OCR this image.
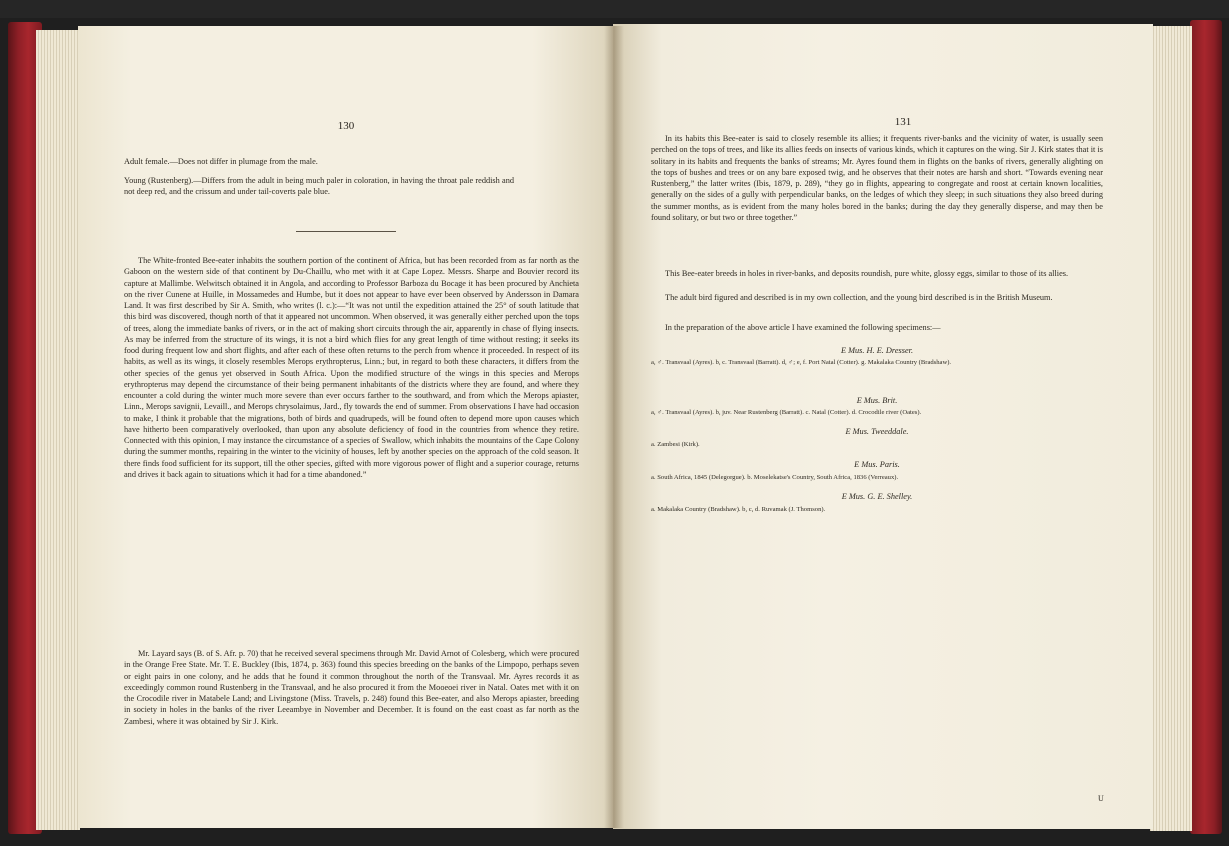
130
Adult female.—Does not differ in plumage from the male.
Young (Rustenberg).—Differs from the adult in being much paler in coloration, in having the throat pale reddish and not deep red, and the crissum and under tail-coverts pale blue.
The White-fronted Bee-eater inhabits the southern portion of the continent of Africa, but has been recorded from as far north as the Gaboon on the western side of that continent by Du-Chaillu, who met with it at Cape Lopez. Messrs. Sharpe and Bouvier record its capture at Mallimbe. Welwitsch obtained it in Angola, and according to Professor Barboza du Bocage it has been procured by Anchieta on the river Cunene at Huille, in Mossamedes and Humbe, but it does not appear to have ever been observed by Andersson in Damara Land. It was first described by Sir A. Smith, who writes (l. c.):—“It was not until the expedition attained the 25° of south latitude that this bird was discovered, though north of that it appeared not uncommon. When observed, it was generally either perched upon the tops of trees, along the immediate banks of rivers, or in the act of making short circuits through the air, apparently in chase of flying insects. As may be inferred from the structure of its wings, it is not a bird which flies for any great length of time without resting; it seeks its food during frequent low and short flights, and after each of these often returns to the perch from whence it proceeded. In respect of its habits, as well as its wings, it closely resembles Merops erythropterus, Linn.; but, in regard to both these characters, it differs from the other species of the genus yet observed in South Africa. Upon the modified structure of the wings in this species and Merops erythropterus may depend the circumstance of their being permanent inhabitants of the districts where they are found, and where they encounter a cold during the winter much more severe than ever occurs farther to the southward, and from which the Merops apiaster, Linn., Merops savignii, Levaill., and Merops chrysolaimus, Jard., fly towards the end of summer. From observations I have had occasion to make, I think it probable that the migrations, both of birds and quadrupeds, will be found often to depend more upon causes which have hitherto been comparatively overlooked, than upon any absolute deficiency of food in the countries from whence they retire. Connected with this opinion, I may instance the circumstance of a species of Swallow, which inhabits the mountains of the Cape Colony during the summer months, repairing in the winter to the vicinity of houses, left by another species on the approach of the cold season. It there finds food sufficient for its support, till the other species, gifted with more vigorous power of flight and a superior courage, returns and drives it back again to situations which it had for a time abandoned.”
Mr. Layard says (B. of S. Afr. p. 70) that he received several specimens through Mr. David Arnot of Colesberg, which were procured in the Orange Free State. Mr. T. E. Buckley (Ibis, 1874, p. 363) found this species breeding on the banks of the Limpopo, perhaps seven or eight pairs in one colony, and he adds that he found it common throughout the north of the Transvaal. Mr. Ayres records it as exceedingly common round Rustenberg in the Transvaal, and he also procured it from the Mooeoei river in Natal. Oates met with it on the Crocodile river in Matabele Land; and Livingstone (Miss. Travels, p. 248) found this Bee-eater, and also Merops apiaster, breeding in society in holes in the banks of the river Leeambye in November and December. It is found on the east coast as far north as the Zambesi, where it was obtained by Sir J. Kirk.
131
In its habits this Bee-eater is said to closely resemble its allies; it frequents river-banks and the vicinity of water, is usually seen perched on the tops of trees, and like its allies feeds on insects of various kinds, which it captures on the wing. Sir J. Kirk states that it is solitary in its habits and frequents the banks of streams; Mr. Ayres found them in flights on the banks of rivers, generally alighting on the tops of bushes and trees or on any bare exposed twig, and he observes that their notes are harsh and short. “Towards evening near Rustenberg,” the latter writes (Ibis, 1879, p. 289), “they go in flights, appearing to congregate and roost at certain known localities, generally on the sides of a gully with perpendicular banks, on the ledges of which they sleep; in such situations they also breed during the summer months, as is evident from the many holes bored in the banks; during the day they generally disperse, and may then be found solitary, or but two or three together.”
This Bee-eater breeds in holes in river-banks, and deposits roundish, pure white, glossy eggs, similar to those of its allies.
The adult bird figured and described is in my own collection, and the young bird described is in the British Museum.
In the preparation of the above article I have examined the following specimens:—
E Mus. H. E. Dresser.
a, ♂. Transvaal (Ayres). b, c. Transvaal (Barratt). d, ♂; e, f. Port Natal (Cotter). g. Makalaka Country (Bradshaw).
E Mus. Brit.
a, ♂. Transvaal (Ayres). b, juv. Near Rustenberg (Barratt). c. Natal (Cotter). d. Crocodile river (Oates).
E Mus. Tweeddale.
a. Zambesi (Kirk).
E Mus. Paris.
a. South Africa, 1845 (Delegorgue). b. Moselekatse's Country, South Africa, 1836 (Verreaux).
E Mus. G. E. Shelley.
a. Makalaka Country (Bradshaw). b, c, d. Ruvamak (J. Thomson).
U
